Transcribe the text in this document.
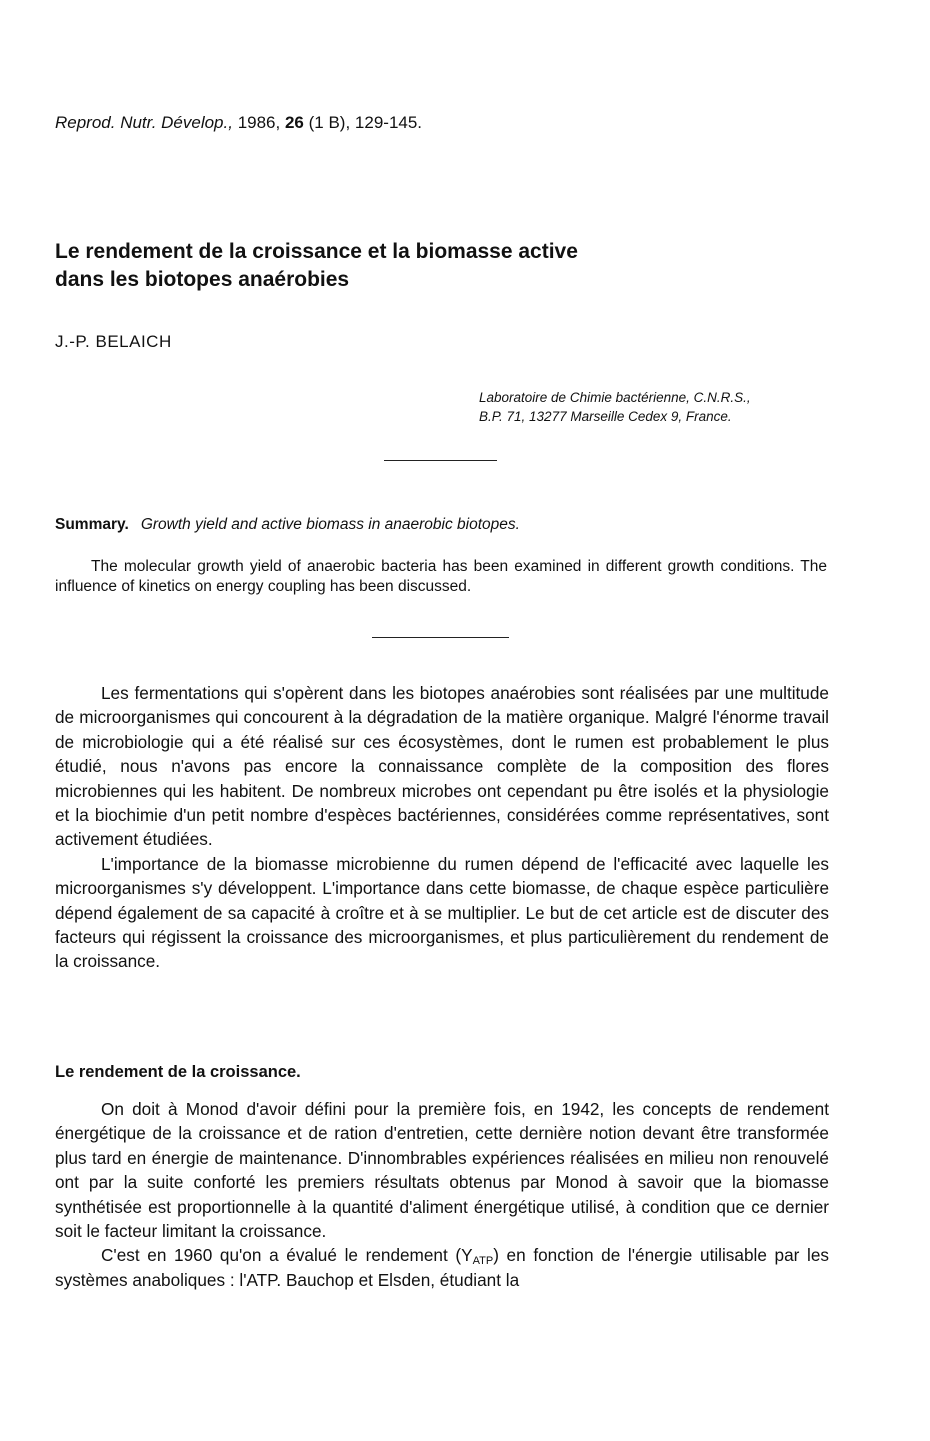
Reprod. Nutr. Dévelop., 1986, 26 (1 B), 129-145.
Le rendement de la croissance et la biomasse active
dans les biotopes anaérobies
J.-P. BELAICH
Laboratoire de Chimie bactérienne, C.N.R.S.,
B.P. 71, 13277 Marseille Cedex 9, France.
Summary. Growth yield and active biomass in anaerobic biotopes.
The molecular growth yield of anaerobic bacteria has been examined in different growth conditions. The influence of kinetics on energy coupling has been discussed.

Les fermentations qui s'opèrent dans les biotopes anaérobies sont réalisées par une multitude de microorganismes qui concourent à la dégradation de la matière organique. Malgré l'énorme travail de microbiologie qui a été réalisé sur ces écosystèmes, dont le rumen est probablement le plus étudié, nous n'avons pas encore la connaissance complète de la composition des flores microbiennes qui les habitent. De nombreux microbes ont cependant pu être isolés et la physiologie et la biochimie d'un petit nombre d'espèces bactériennes, considérées comme représentatives, sont activement étudiées.

L'importance de la biomasse microbienne du rumen dépend de l'efficacité avec laquelle les microorganismes s'y développent. L'importance dans cette biomasse, de chaque espèce particulière dépend également de sa capacité à croître et à se multiplier. Le but de cet article est de discuter des facteurs qui régissent la croissance des microorganismes, et plus particulièrement du rendement de la croissance.

Le rendement de la croissance.

On doit à Monod d'avoir défini pour la première fois, en 1942, les concepts de rendement énergétique de la croissance et de ration d'entretien, cette dernière notion devant être transformée plus tard en énergie de maintenance. D'innombrables expériences réalisées en milieu non renouvelé ont par la suite conforté les premiers résultats obtenus par Monod à savoir que la biomasse synthétisée est proportionnelle à la quantité d'aliment énergétique utilisé, à condition que ce dernier soit le facteur limitant la croissance.

C'est en 1960 qu'on a évalué le rendement $(Y_{ATP})$ en fonction de l'énergie utilisable par les systèmes anaboliques : l'ATP. Bauchop et Elsden, étudiant la
